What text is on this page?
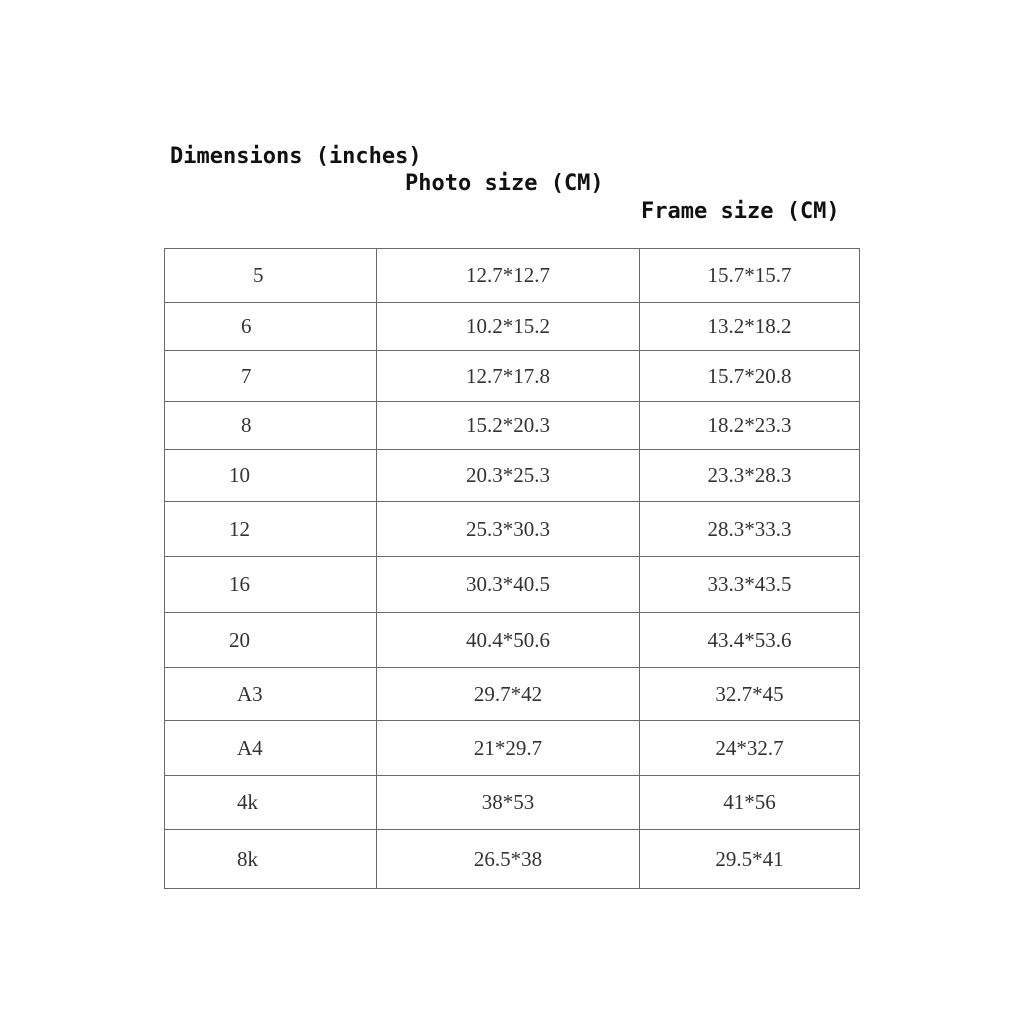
Dimensions (inches)
Photo size (CM)
Frame size (CM)
5	12.7*12.7	15.7*15.7
6	10.2*15.2	13.2*18.2
7	12.7*17.8	15.7*20.8
8	15.2*20.3	18.2*23.3
10	20.3*25.3	23.3*28.3
12	25.3*30.3	28.3*33.3
16	30.3*40.5	33.3*43.5
20	40.4*50.6	43.4*53.6
A3	29.7*42	32.7*45
A4	21*29.7	24*32.7
4k	38*53	41*56
8k	26.5*38	29.5*41
